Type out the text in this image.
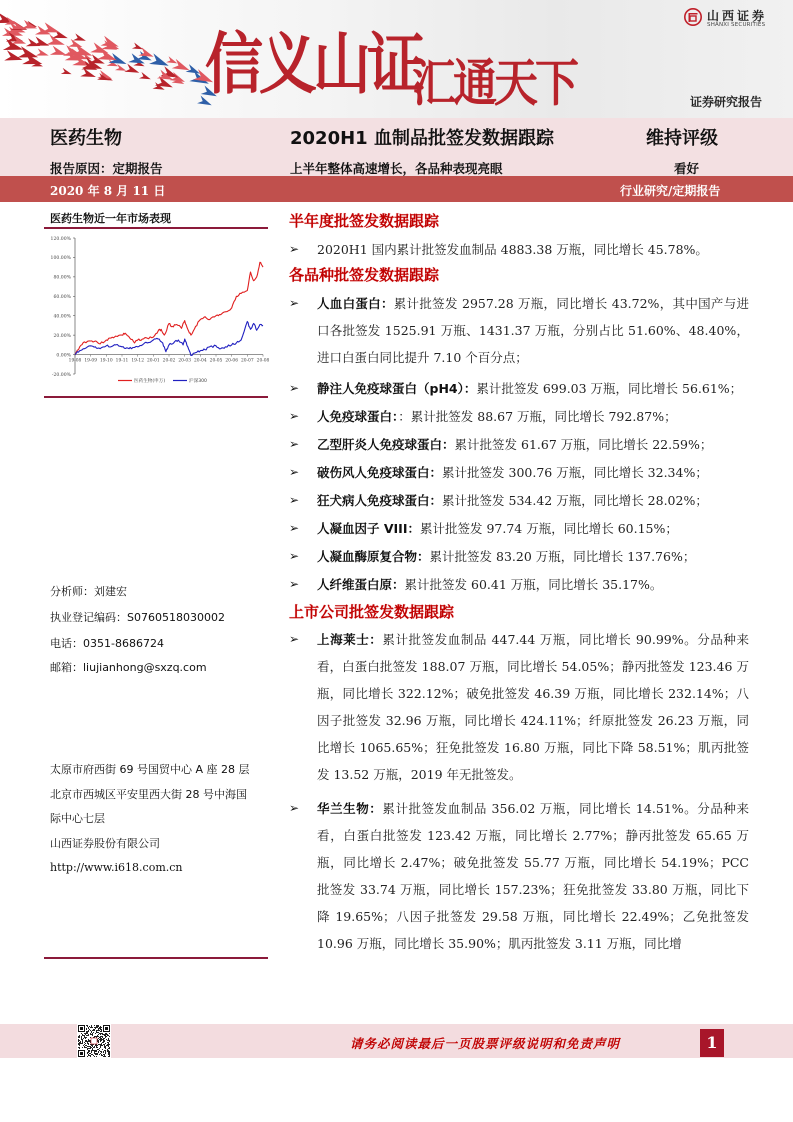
信义山证
汇通天下
山西证券
SHANXI SECURITIES
证券研究报告
医药生物	2020H1 血制品批签发数据跟踪	维持评级
报告原因：定期报告	上半年整体高速增长，各品种表现亮眼	看好
2020 年 8 月 11 日	行业研究/定期报告
医药生物近一年市场表现
120.00%
100.00%
80.00%
60.00%
40.00%
20.00%
0.00%
-20.00%
19-08 19-09 19-10 19-11 19-12 20-01 20-02 20-03 20-04 20-05 20-06 20-07 20-08
医药生物(申万)	沪深300
分析师：刘建宏
执业登记编码：S0760518030002
电话：0351-8686724
邮箱：liujianhong@sxzq.com
太原市府西街 69 号国贸中心 A 座 28 层
北京市西城区平安里西大街 28 号中海国
际中心七层
山西证券股份有限公司
http://www.i618.com.cn
半年度批签发数据跟踪
➢	2020H1 国内累计批签发血制品 4883.38 万瓶，同比增长 45.78%。
各品种批签发数据跟踪
➢	人血白蛋白：累计批签发 2957.28 万瓶，同比增长 43.72%，其中国产与进口各批签发 1525.91 万瓶、1431.37 万瓶，分别占比 51.60%、48.40%，进口白蛋白同比提升 7.10 个百分点；
➢	静注人免疫球蛋白（pH4）：累计批签发 699.03 万瓶，同比增长 56.61%；
➢	人免疫球蛋白：：累计批签发 88.67 万瓶，同比增长 792.87%；
➢	乙型肝炎人免疫球蛋白：累计批签发 61.67 万瓶，同比增长 22.59%；
➢	破伤风人免疫球蛋白：累计批签发 300.76 万瓶，同比增长 32.34%；
➢	狂犬病人免疫球蛋白：累计批签发 534.42 万瓶，同比增长 28.02%；
➢	人凝血因子 VIII：累计批签发 97.74 万瓶，同比增长 60.15%；
➢	人凝血酶原复合物：累计批签发 83.20 万瓶，同比增长 137.76%；
➢	人纤维蛋白原：累计批签发 60.41 万瓶，同比增长 35.17%。
上市公司批签发数据跟踪
➢	上海莱士：累计批签发血制品 447.44 万瓶，同比增长 90.99%。分品种来看，白蛋白批签发 188.07 万瓶，同比增长 54.05%；静丙批签发 123.46 万瓶，同比增长 322.12%；破免批签发 46.39 万瓶，同比增长 232.14%；八因子批签发 32.96 万瓶，同比增长 424.11%；纤原批签发 26.23 万瓶，同比增长 1065.65%；狂免批签发 16.80 万瓶，同比下降 58.51%；肌丙批签发 13.52 万瓶，2019 年无批签发。
➢	华兰生物：累计批签发血制品 356.02 万瓶，同比增长 14.51%。分品种来看，白蛋白批签发 123.42 万瓶，同比增长 2.77%；静丙批签发 65.65 万瓶，同比增长 2.47%；破免批签发 55.77 万瓶，同比增长 54.19%；PCC 批签发 33.74 万瓶，同比增长 157.23%；狂免批签发 33.80 万瓶，同比下降 19.65%；八因子批签发 29.58 万瓶，同比增长 22.49%；乙免批签发 10.96 万瓶，同比增长 35.90%；肌丙批签发 3.11 万瓶，同比增
请务必阅读最后一页股票评级说明和免责声明	1
